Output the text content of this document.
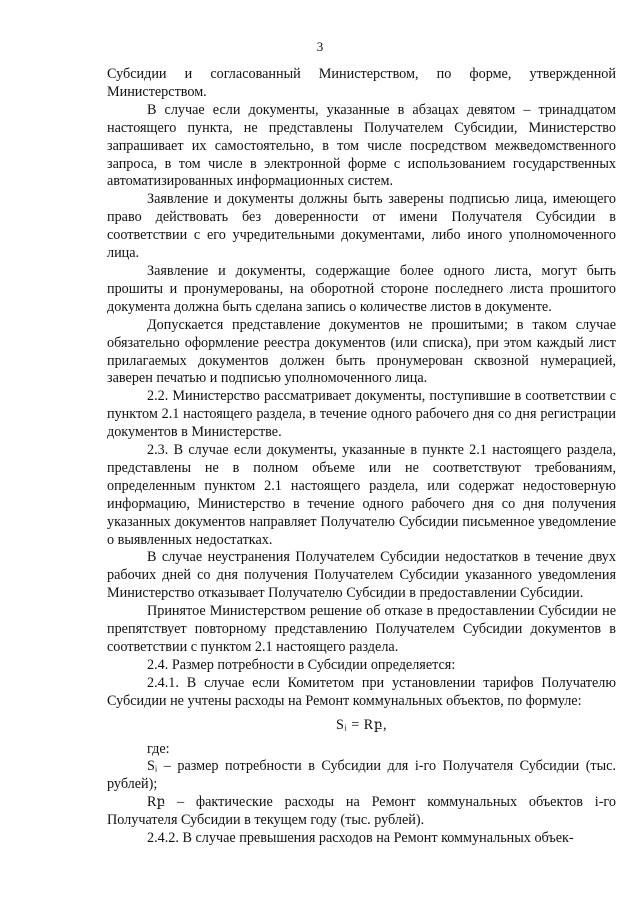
3

Субсидии и согласованный Министерством, по форме, утвержденной Министерством.

В случае если документы, указанные в абзацах девятом – тринадцатом настоящего пункта, не представлены Получателем Субсидии, Министерство запрашивает их самостоятельно, в том числе посредством межведомственного запроса, в том числе в электронной форме с использованием государственных автоматизированных информационных систем.

Заявление и документы должны быть заверены подписью лица, имеющего право действовать без доверенности от имени Получателя Субсидии в соответствии с его учредительными документами, либо иного уполномоченного лица.

Заявление и документы, содержащие более одного листа, могут быть прошиты и пронумерованы, на оборотной стороне последнего листа прошитого документа должна быть сделана запись о количестве листов в документе.

Допускается представление документов не прошитыми; в таком случае обязательно оформление реестра документов (или списка), при этом каждый лист прилагаемых документов должен быть пронумерован сквозной нумерацией, заверен печатью и подписью уполномоченного лица.

2.2. Министерство рассматривает документы, поступившие в соответствии с пунктом 2.1 настоящего раздела, в течение одного рабочего дня со дня регистрации документов в Министерстве.

2.3. В случае если документы, указанные в пункте 2.1 настоящего раздела, представлены не в полном объеме или не соответствуют требованиям, определенным пунктом 2.1 настоящего раздела, или содержат недостоверную информацию, Министерство в течение одного рабочего дня со дня получения указанных документов направляет Получателю Субсидии письменное уведомление о выявленных недостатках.

В случае неустранения Получателем Субсидии недостатков в течение двух рабочих дней со дня получения Получателем Субсидии указанного уведомления Министерство отказывает Получателю Субсидии в предоставлении Субсидии.

Принятое Министерством решение об отказе в предоставлении Субсидии не препятствует повторному представлению Получателем Субсидии документов в соответствии с пунктом 2.1 настоящего раздела.

2.4. Размер потребности в Субсидии определяется:

2.4.1. В случае если Комитетом при установлении тарифов Получателю Субсидии не учтены расходы на Ремонт коммунальных объектов, по формуле:

Sᵢ = Rբ,

где:

Sᵢ – размер потребности в Субсидии для i-го Получателя Субсидии (тыс. рублей);

Rբ – фактические расходы на Ремонт коммунальных объектов i-го Получателя Субсидии в текущем году (тыс. рублей).

2.4.2. В случае превышения расходов на Ремонт коммунальных объек-
